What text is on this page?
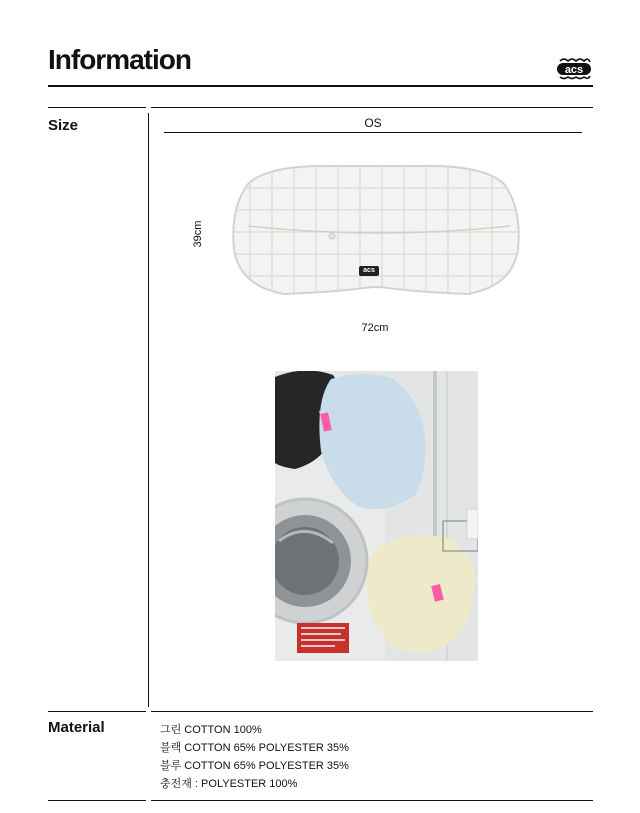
Information	acs
Size	OS
acs
39cm
72cm
Material	그린 COTTON 100%
블랙 COTTON 65% POLYESTER 35%
블루 COTTON 65% POLYESTER 35%
충전재 : POLYESTER 100%
